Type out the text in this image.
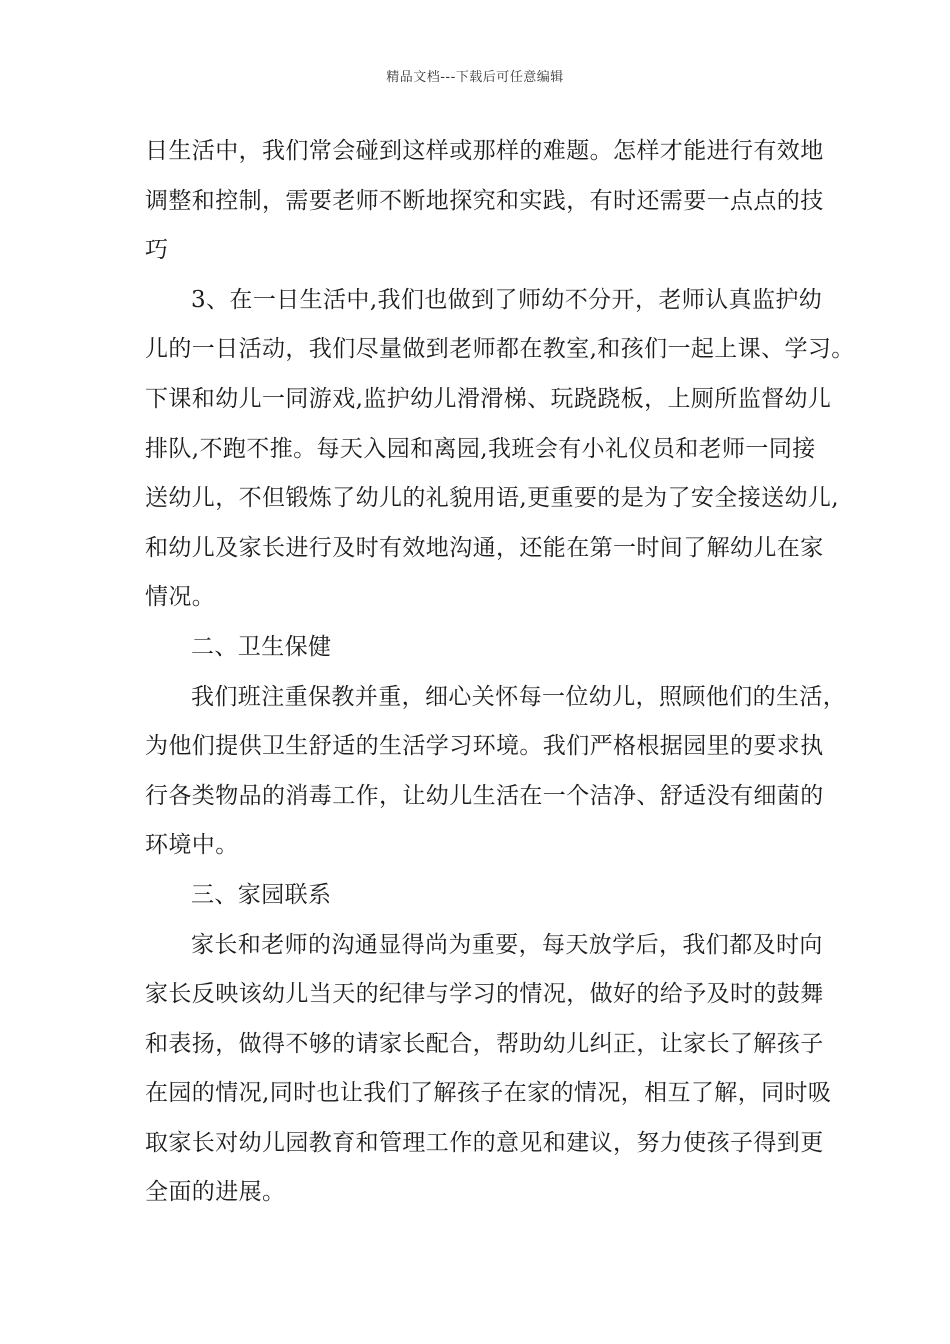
精品文档---下载后可任意编辑
日生活中，我们常会碰到这样或那样的难题。怎样才能进行有效地
调整和控制，需要老师不断地探究和实践，有时还需要一点点的技
巧
3、在一日生活中,我们也做到了师幼不分开，老师认真监护幼
儿的一日活动，我们尽量做到老师都在教室,和孩们一起上课、学习。
下课和幼儿一同游戏,监护幼儿滑滑梯、玩跷跷板，上厕所监督幼儿
排队,不跑不推。每天入园和离园,我班会有小礼仪员和老师一同接
送幼儿，不但锻炼了幼儿的礼貌用语,更重要的是为了安全接送幼儿,
和幼儿及家长进行及时有效地沟通，还能在第一时间了解幼儿在家
情况。
二、卫生保健
我们班注重保教并重，细心关怀每一位幼儿，照顾他们的生活，
为他们提供卫生舒适的生活学习环境。我们严格根据园里的要求执
行各类物品的消毒工作，让幼儿生活在一个洁净、舒适没有细菌的
环境中。
三、家园联系
家长和老师的沟通显得尚为重要，每天放学后，我们都及时向
家长反映该幼儿当天的纪律与学习的情况，做好的给予及时的鼓舞
和表扬，做得不够的请家长配合，帮助幼儿纠正，让家长了解孩子
在园的情况,同时也让我们了解孩子在家的情况，相互了解，同时吸
取家长对幼儿园教育和管理工作的意见和建议，努力使孩子得到更
全面的进展。
